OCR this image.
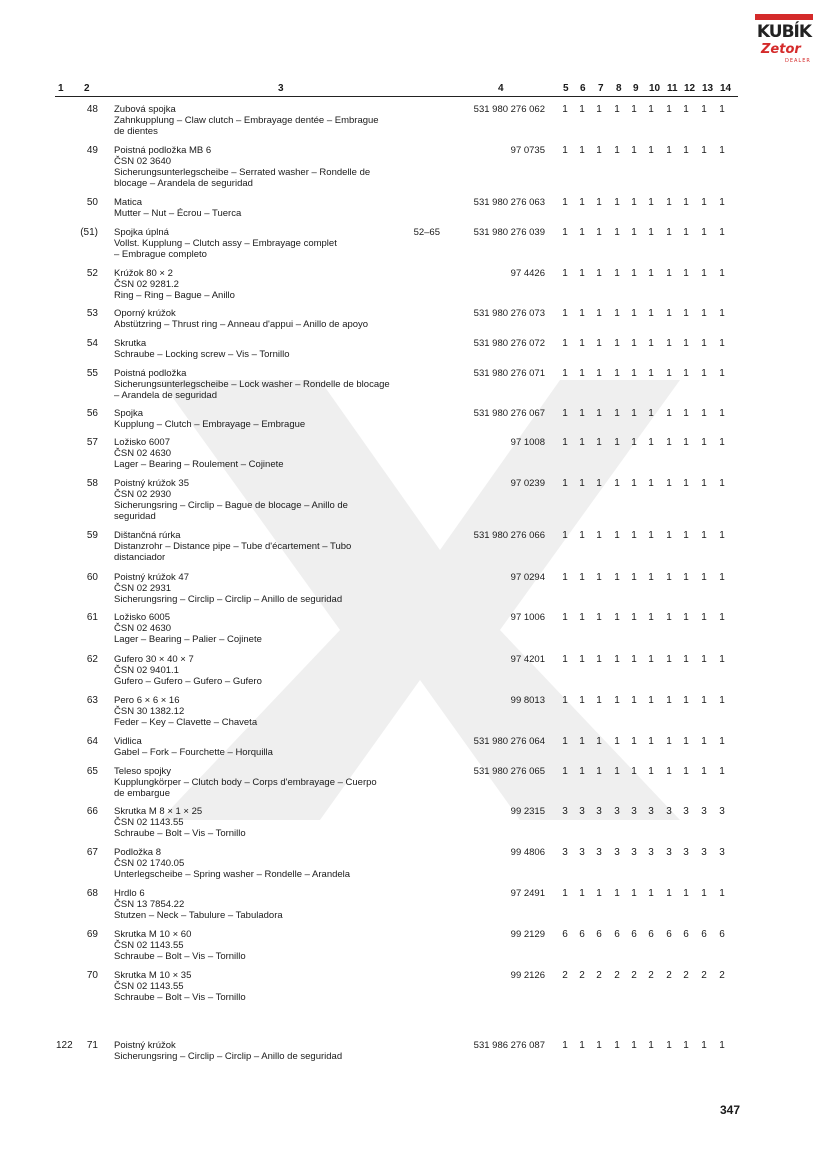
KUBÍK
Zetor
DEALER
1	2	3	4	5	6	7	8	9	10 11 12 13 14
48 Zubová spojka
Zahnkupplung – Claw clutch – Embrayage dentée – Embrague
de dientes
531 980 276 062	1	1	1	1	1	1	1	1	1	1
49 Poistná podložka MB 6
ČSN 02 3640
Sicherungsunterlegscheibe – Serrated washer – Rondelle de
blocage – Arandela de seguridad
97 0735	1	1	1	1	1	1	1	1	1	1
50 Matica
Mutter – Nut – Écrou – Tuerca
531 980 276 063	1	1	1	1	1	1	1	1	1	1
(51) Spojka úplná
Vollst. Kupplung – Clutch assy – Embrayage complet
– Embrague completo
52–65	531 980 276 039	1	1	1	1	1	1	1	1	1	1
52 Krúžok 80 × 2
ČSN 02 9281.2
Ring – Ring – Bague – Anillo
97 4426	1	1	1	1	1	1	1	1	1	1
53 Oporný krúžok
Abstützring – Thrust ring – Anneau d'appui – Anillo de apoyo
531 980 276 073	1	1	1	1	1	1	1	1	1	1
54 Skrutka
Schraube – Locking screw – Vis – Tornillo
531 980 276 072	1	1	1	1	1	1	1	1	1	1
55 Poistná podložka
Sicherungsunterlegscheibe – Lock washer – Rondelle de blocage
– Arandela de seguridad
531 980 276 071	1	1	1	1	1	1	1	1	1	1
56 Spojka
Kupplung – Clutch – Embrayage – Embrague
531 980 276 067	1	1	1	1	1	1	1	1	1	1
57 Ložisko 6007
ČSN 02 4630
Lager – Bearing – Roulement – Cojinete
97 1008	1	1	1	1	1	1	1	1	1	1
58 Poistný krúžok 35
ČSN 02 2930
Sicherungsring – Circlip – Bague de blocage – Anillo de
seguridad
97 0239	1	1	1	1	1	1	1	1	1	1
59 Dištančná rúrka
Distanzrohr – Distance pipe – Tube d'écartement – Tubo
distanciador
531 980 276 066	1	1	1	1	1	1	1	1	1	1
60 Poistný krúžok 47
ČSN 02 2931
Sicherungsring – Circlip – Circlip – Anillo de seguridad
97 0294	1	1	1	1	1	1	1	1	1	1
61 Ložisko 6005
ČSN 02 4630
Lager – Bearing – Palier – Cojinete
97 1006	1	1	1	1	1	1	1	1	1	1
62 Gufero 30 × 40 × 7
ČSN 02 9401.1
Gufero – Gufero – Gufero – Gufero
97 4201	1	1	1	1	1	1	1	1	1	1
63 Pero 6 × 6 × 16
ČSN 30 1382.12
Feder – Key – Clavette – Chaveta
99 8013	1	1	1	1	1	1	1	1	1	1
64 Vidlica
Gabel – Fork – Fourchette – Horquilla
531 980 276 064	1	1	1	1	1	1	1	1	1	1
65 Teleso spojky
Kupplungkörper – Clutch body – Corps d'embrayage – Cuerpo
de embargue
531 980 276 065	1	1	1	1	1	1	1	1	1	1
66 Skrutka M 8 × 1 × 25
ČSN 02 1143.55
Schraube – Bolt – Vis – Tornillo
99 2315	3	3	3	3	3	3	3	3	3	3
67 Podložka 8
ČSN 02 1740.05
Unterlegscheibe – Spring washer – Rondelle – Arandela
99 4806	3	3	3	3	3	3	3	3	3	3
68 Hrdlo 6
ČSN 13 7854.22
Stutzen – Neck – Tabulure – Tabuladora
97 2491	1	1	1	1	1	1	1	1	1	1
69 Skrutka M 10 × 60
ČSN 02 1143.55
Schraube – Bolt – Vis – Tornillo
99 2129	6	6	6	6	6	6	6	6	6	6
70 Skrutka M 10 × 35
ČSN 02 1143.55
Schraube – Bolt – Vis – Tornillo
99 2126	2	2	2	2	2	2	2	2	2	2
122	71 Poistný krúžok
Sicherungsring – Circlip – Circlip – Anillo de seguridad
531 986 276 087	1	1	1	1	1	1	1	1	1	1
347
